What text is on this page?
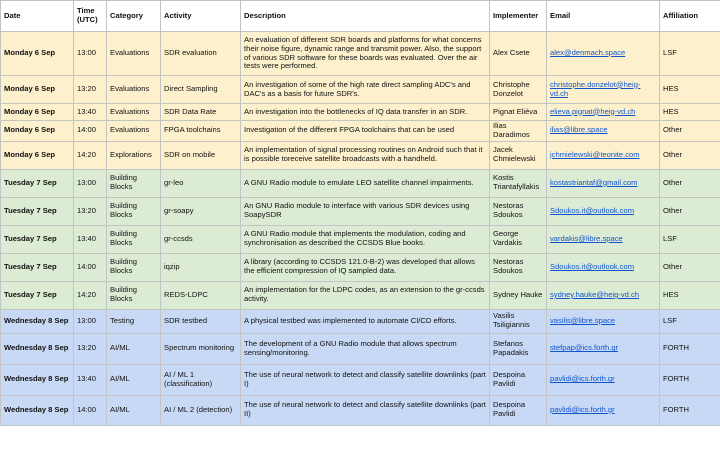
Date	Time (UTC)	Category	Activity	Description	Implementer	Email	Affiliation
Monday 6 Sep	13:00	Evaluations	SDR evaluation	An evaluation of different SDR boards and platforms for what concerns their noise figure, dynamic range and transmit power. Also, the support of various SDR software for these boards was evaluated. Over the air tests were performed.	Alex Csete	alex@denmach.space	LSF
Monday 6 Sep	13:20	Evaluations	Direct Sampling	An investigation of some of the high rate direct sampling ADC's and DAC's as a basis for future SDR's.	Christophe Donzelot	christophe.donzelot@heig-vd.ch	HES
Monday 6 Sep	13:40	Evaluations	SDR Data Rate	An investigation into the bottlenecks of IQ data transfer in an SDR.	Pignat Eliéva	elieva.pignat@heig-vd.ch	HES
Monday 6 Sep	14:00	Evaluations	FPGA toolchains	Investigation of the different FPGA toolchains that can be used	Ilias Daradimos	ilias@libre.space	Other
Monday 6 Sep	14:20	Explorations	SDR on mobile	An implementation of signal processing routines on Android such that it is possible toreceive satellite broadcasts with a handheld.	Jacek Chmielewski	jchmielewski@teonite.com	Other
Tuesday 7 Sep	13:00	Building Blocks	gr-leo	A GNU Radio module to emulate LEO satellite channel impairments.	Kostis Triantafyllakis	kostastriantaf@gmail.com	Other
Tuesday 7 Sep	13:20	Building Blocks	gr-soapy	An GNU Radio module to interface with various SDR devices using SoapySDR	Nestoras Sdoukos	Sdoukos.it@outlook.com	Other
Tuesday 7 Sep	13:40	Building Blocks	gr-ccsds	A GNU Radio module that implements the modulation, coding and synchronisation as described the CCSDS Blue books.	George Vardakis	vardakis@libre.space	LSF
Tuesday 7 Sep	14:00	Building Blocks	iqzip	A library (according to CCSDS 121.0-B-2) was developed that allows the efficient compression of IQ sampled data.	Nestoras Sdoukos	Sdoukos.it@outlook.com	Other
Tuesday 7 Sep	14:20	Building Blocks	REDS-LDPC	An implementation for the LDPC codes, as an extension to the gr-ccsds activity.	Sydney Hauke	sydney.hauke@heig-vd.ch	HES
Wednesday 8 Sep	13:00	Testing	SDR testbed	A physical testbed was implemented to automate CI/CD efforts.	Vasilis Tsiligiannis	vasilis@libre.space	LSF
Wednesday 8 Sep	13:20	AI/ML	Spectrum monitoring	The development of a GNU Radio module that allows spectrum sensing/monitoring.	Stefanos Papadakis	stefpap@ics.forth.gr	FORTH
Wednesday 8 Sep	13:40	AI/ML	AI / ML 1 (classification)	The use of neural network to detect and classify satellite downlinks (part I)	Despoina Pavlidi	pavlidi@ics.forth.gr	FORTH
Wednesday 8 Sep	14:00	AI/ML	AI / ML 2 (detection)	The use of neural network to detect and classify satellite downlinks (part II)	Despoina Pavlidi	pavlidi@ics.forth.gr	FORTH
